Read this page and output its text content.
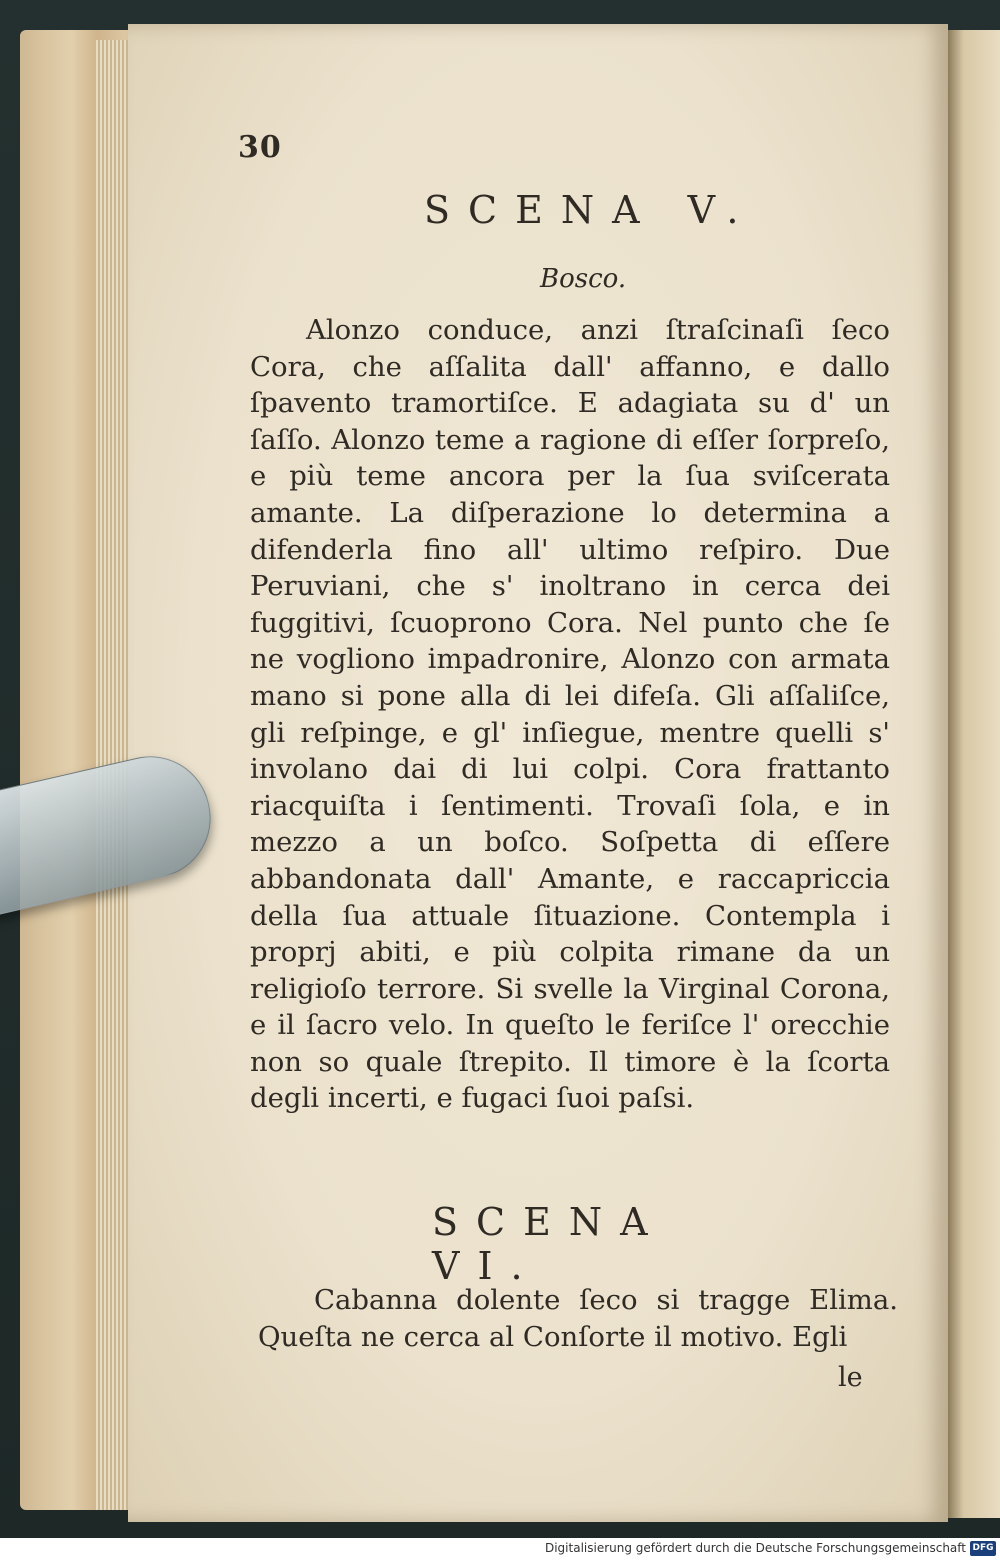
30
SCENA V.
Bosco.
Alonzo conduce, anzi ſtraſcinaſi ſeco Cora, che aſſalita dall' affanno, e dallo ſpavento tramortiſce. E adagiata su d' un ſaſſo. Alonzo teme a ragione di eſſer ſorpreſo, e più teme ancora per la ſua sviſcerata amante. La diſperazione lo determina a difenderla fino all' ultimo reſpiro. Due Peruviani, che s' inoltrano in cerca dei fuggitivi, ſcuoprono Cora. Nel punto che ſe ne vogliono impadronire, Alonzo con armata mano si pone alla di lei difeſa. Gli aſſaliſce, gli reſpinge, e gl' inſiegue, mentre quelli s' involano dai di lui colpi. Cora frattanto riacquiſta i ſentimenti. Trovaſi ſola, e in mezzo a un boſco. Soſpetta di eſſere abbandonata dall' Amante, e raccapriccia della ſua attuale ſituazione. Contempla i proprj abiti, e più colpita rimane da un religioſo terrore. Si svelle la Virginal Corona, e il ſacro velo. In queſto le feriſce l' orecchie non so quale ſtrepito. Il timore è la ſcorta degli incerti, e fugaci ſuoi paſsi.
SCENA VI.
Cabanna dolente ſeco si tragge Elima. Queſta ne cerca al Conſorte il motivo. Egli
le
Digitalisierung gefördert durch die Deutsche Forschungsgemeinschaft DFG
